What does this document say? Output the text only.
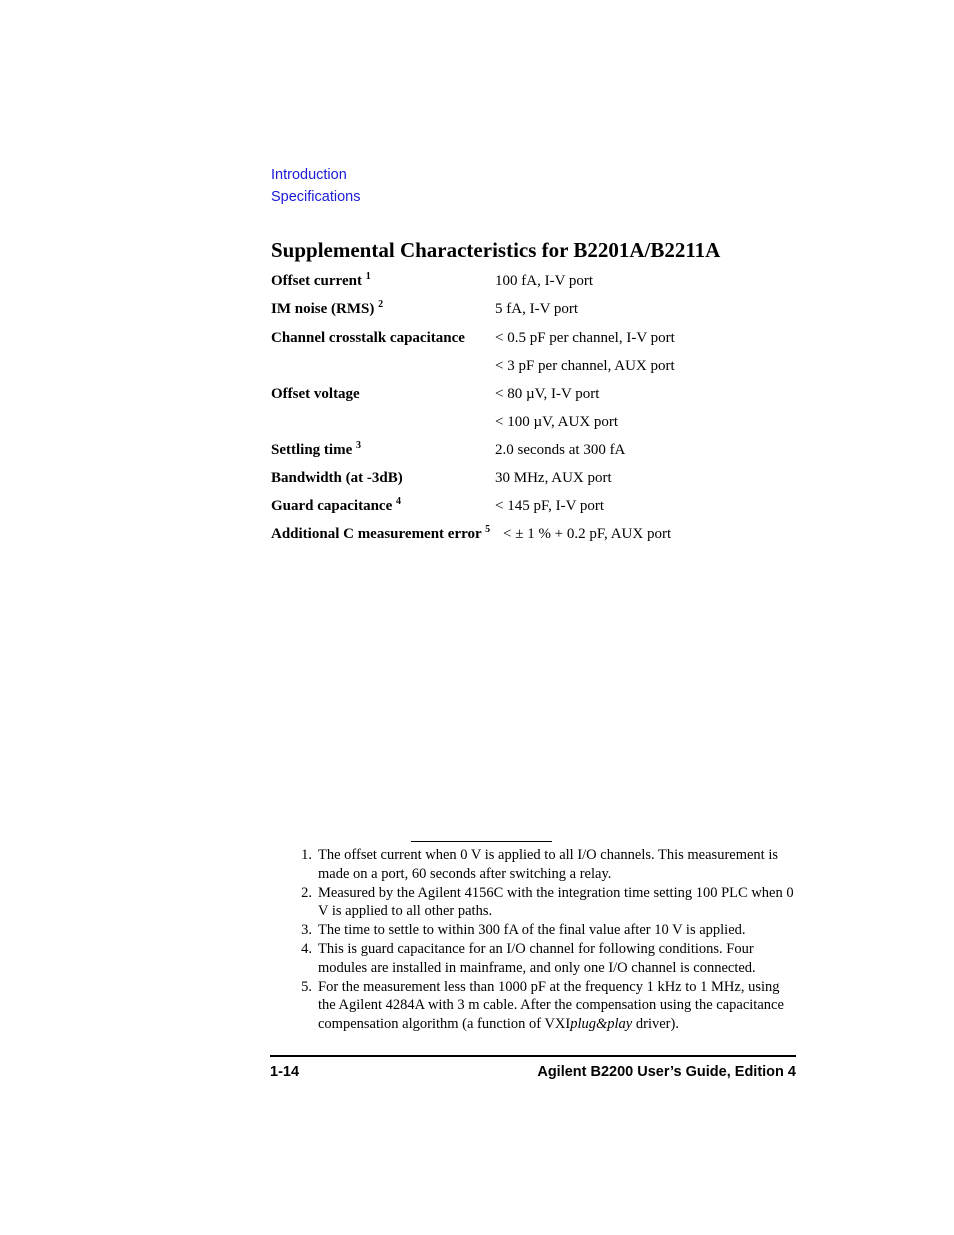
Introduction
Specifications
Supplemental Characteristics for B2201A/B2211A
Offset current $^1$	100 fA, I-V port
IM noise (RMS) $^2$	5 fA, I-V port
Channel crosstalk capacitance < 0.5 pF per channel, I-V port
< 3 pF per channel, AUX port
Offset voltage	< 80 µV, I-V port
< 100 µV, AUX port
Settling time $^3$	2.0 seconds at 300 fA
Bandwidth (at -3dB)	30 MHz, AUX port
Guard capacitance $^4$	< 145 pF, I-V port
Additional C measurement error $^5$ < ± 1 % + 0.2 pF, AUX port
1. The offset current when 0 V is applied to all I/O channels. This measurement is made on a port, 60 seconds after switching a relay.
2. Measured by the Agilent 4156C with the integration time setting 100 PLC when 0 V is applied to all other paths.
3. The time to settle to within 300 fA of the final value after 10 V is applied.
4. This is guard capacitance for an I/O channel for following conditions. Four modules are installed in mainframe, and only one I/O channel is connected.
5. For the measurement less than 1000 pF at the frequency 1 kHz to 1 MHz, using the Agilent 4284A with 3 m cable. After the compensation using the capacitance compensation algorithm (a function of VXIplug&play driver).
1-14	Agilent B2200 User’s Guide, Edition 4
